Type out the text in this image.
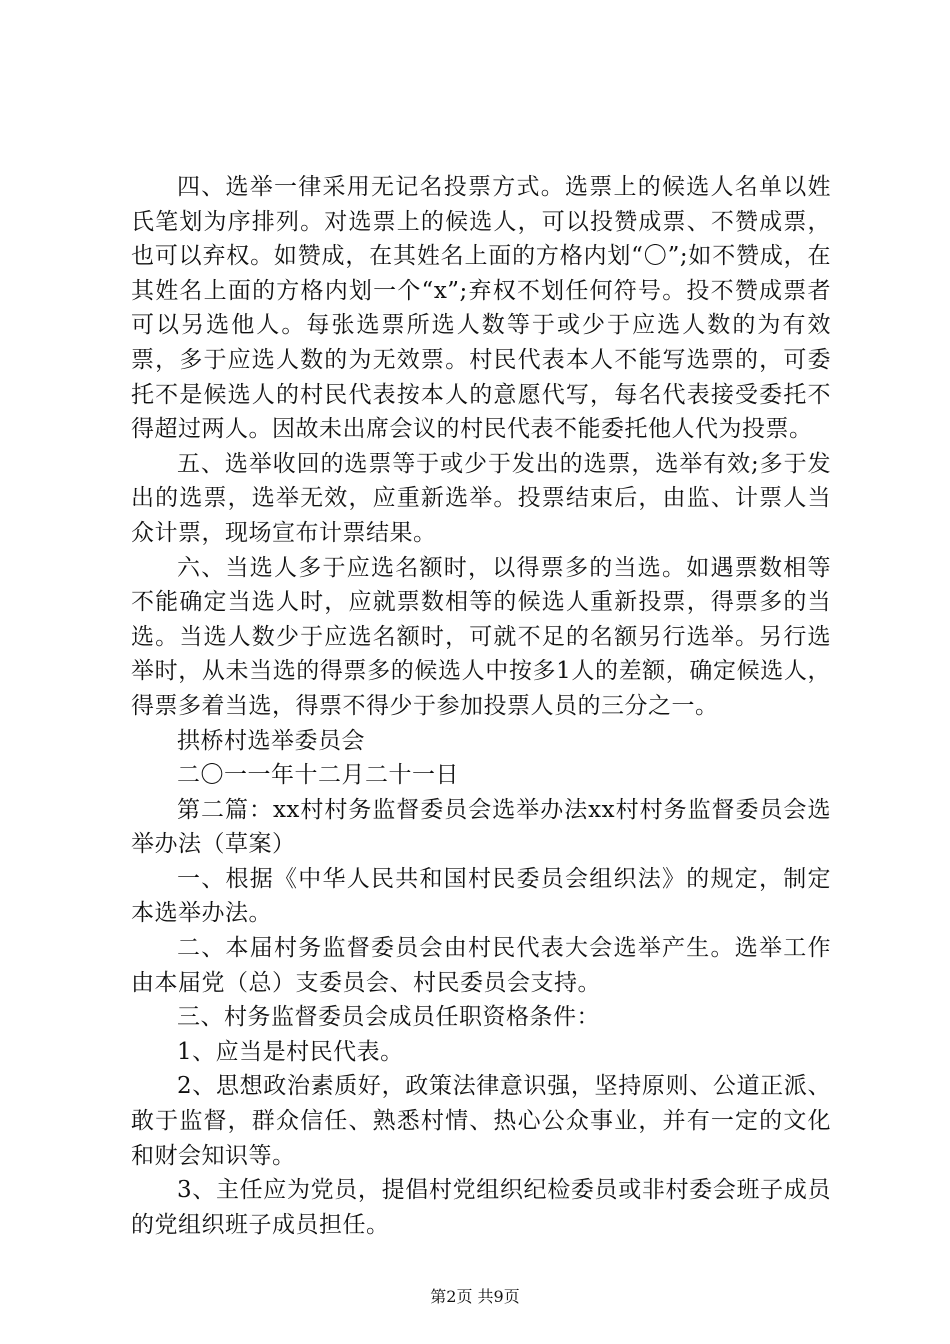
四、选举一律采用无记名投票方式。选票上的候选人名单以姓氏笔划为序排列。对选票上的候选人，可以投赞成票、不赞成票，也可以弃权。如赞成，在其姓名上面的方格内划“〇”;如不赞成，在其姓名上面的方格内划一个“x”;弃权不划任何符号。投不赞成票者可以另选他人。每张选票所选人数等于或少于应选人数的为有效票，多于应选人数的为无效票。村民代表本人不能写选票的，可委托不是候选人的村民代表按本人的意愿代写，每名代表接受委托不得超过两人。因故未出席会议的村民代表不能委托他人代为投票。

五、选举收回的选票等于或少于发出的选票，选举有效;多于发出的选票，选举无效，应重新选举。投票结束后，由监、计票人当众计票，现场宣布计票结果。

六、当选人多于应选名额时，以得票多的当选。如遇票数相等不能确定当选人时，应就票数相等的候选人重新投票，得票多的当选。当选人数少于应选名额时，可就不足的名额另行选举。另行选举时，从未当选的得票多的候选人中按多1人的差额，确定候选人，得票多着当选，得票不得少于参加投票人员的三分之一。

拱桥村选举委员会

二〇一一年十二月二十一日

第二篇：xx村村务监督委员会选举办法xx村村务监督委员会选举办法（草案）

一、根据《中华人民共和国村民委员会组织法》的规定，制定本选举办法。

二、本届村务监督委员会由村民代表大会选举产生。选举工作由本届党（总）支委员会、村民委员会支持。

三、村务监督委员会成员任职资格条件：

1、应当是村民代表。

2、思想政治素质好，政策法律意识强，坚持原则、公道正派、敢于监督，群众信任、熟悉村情、热心公众事业，并有一定的文化和财会知识等。

3、主任应为党员，提倡村党组织纪检委员或非村委会班子成员的党组织班子成员担任。

第2页 共9页
